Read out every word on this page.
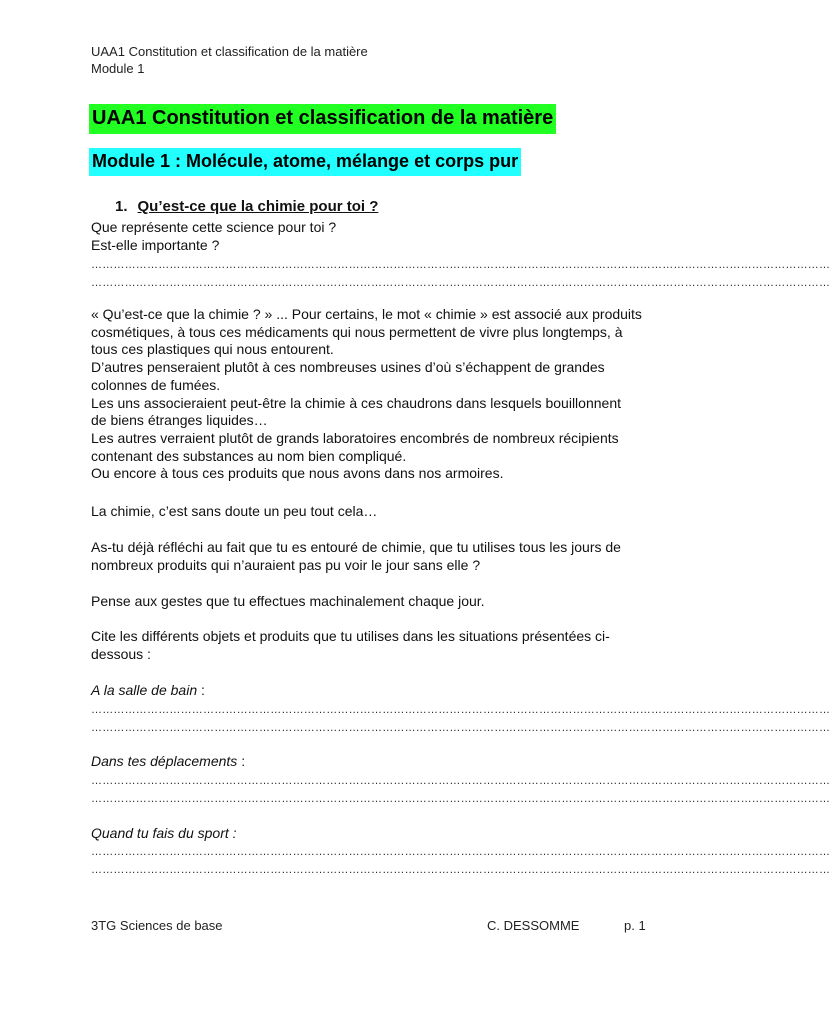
UAA1 Constitution et classification de la matière
Module 1
UAA1 Constitution et classification de la matière
Module 1 : Molécule, atome, mélange et corps pur
1. Qu’est-ce que la chimie pour toi ?
Que représente cette science pour toi ?
Est-elle importante ?
………………………………………………………………………………………………………………………………………………………………………………
………………………………………………………………………………………………………………………………………………………………………………
« Qu’est-ce que la chimie ? » ... Pour certains, le mot « chimie » est associé aux produits
cosmétiques, à tous ces médicaments qui nous permettent de vivre plus longtemps, à
tous ces plastiques qui nous entourent.
D’autres penseraient plutôt à ces nombreuses usines d’où s’échappent de grandes
colonnes de fumées.
Les uns associeraient peut-être la chimie à ces chaudrons dans lesquels bouillonnent
de biens étranges liquides…
Les autres verraient plutôt de grands laboratoires encombrés de nombreux récipients
contenant des substances au nom bien compliqué.
Ou encore à tous ces produits que nous avons dans nos armoires.
La chimie, c’est sans doute un peu tout cela…
As-tu déjà réfléchi au fait que tu es entouré de chimie, que tu utilises tous les jours de
nombreux produits qui n’auraient pas pu voir le jour sans elle ?
Pense aux gestes que tu effectues machinalement chaque jour.
Cite les différents objets et produits que tu utilises dans les situations présentées ci-
dessous :
A la salle de bain :
………………………………………………………………………………………………………………………………………………………………………………
………………………………………………………………………………………………………………………………………………………………………………
Dans tes déplacements :
………………………………………………………………………………………………………………………………………………………………………………
………………………………………………………………………………………………………………………………………………………………………………
Quand tu fais du sport :
………………………………………………………………………………………………………………………………………………………………………………
………………………………………………………………………………………………………………………………………………………………………………
3TG Sciences de base	C. DESSOMME	p. 1
